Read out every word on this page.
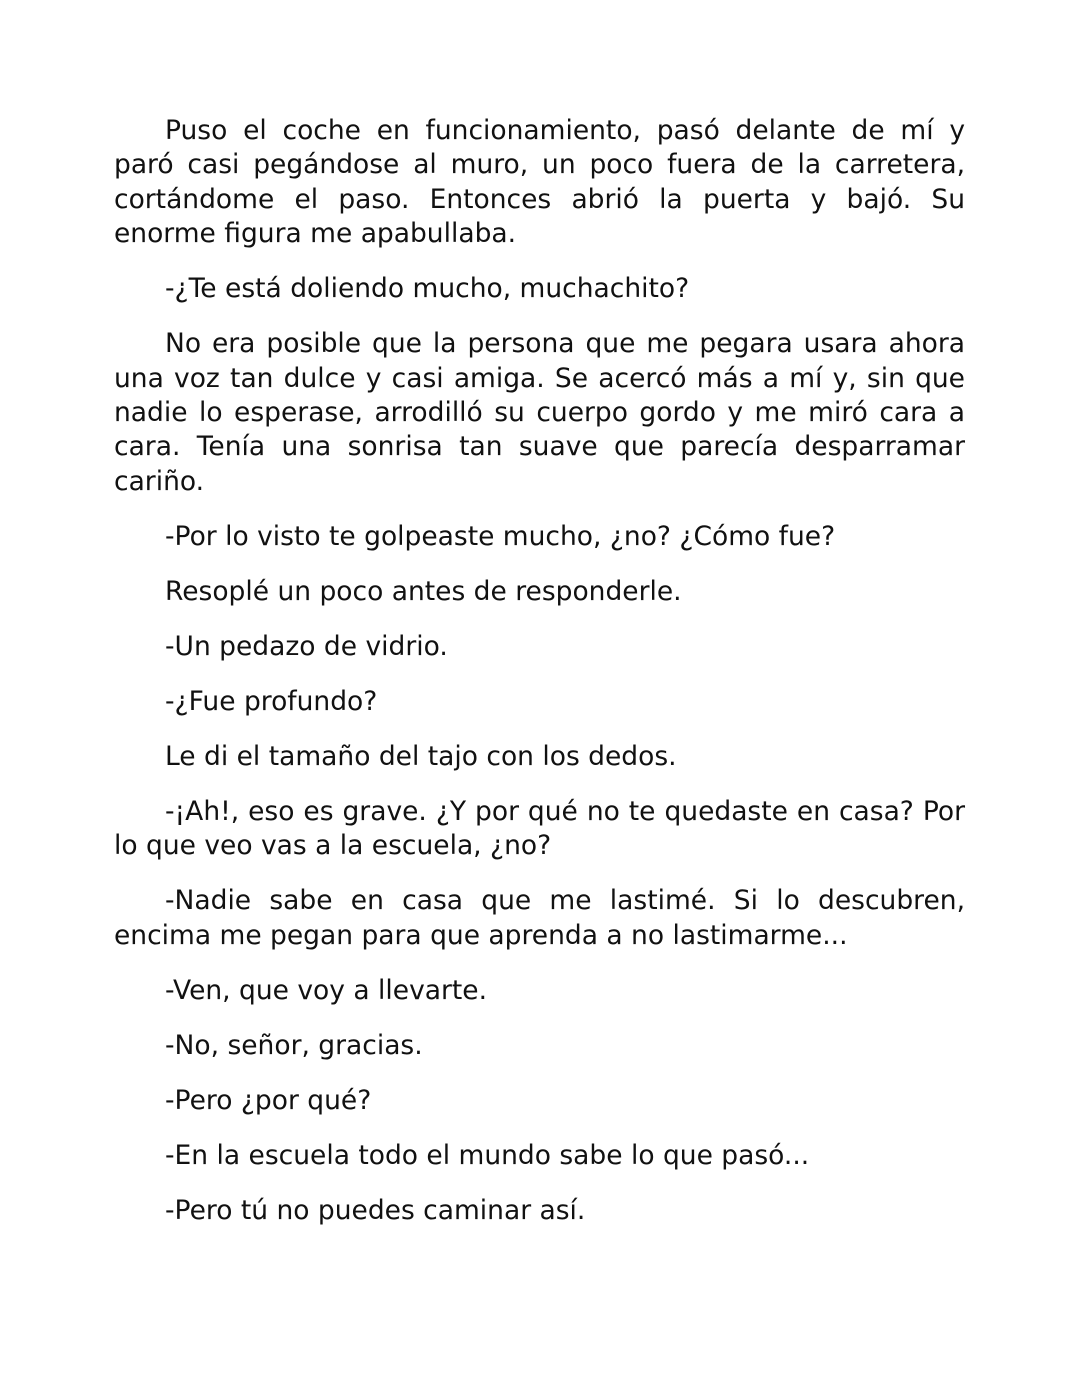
Puso el coche en funcionamiento, pasó delante de mí y paró casi pegándose al muro, un poco fuera de la carretera, cortándome el paso. Entonces abrió la puerta y bajó. Su enorme figura me apabullaba.

-¿Te está doliendo mucho, muchachito?

No era posible que la persona que me pegara usara ahora una voz tan dulce y casi amiga. Se acercó más a mí y, sin que nadie lo esperase, arrodilló su cuerpo gordo y me miró cara a cara. Tenía una sonrisa tan suave que parecía desparramar cariño.

-Por lo visto te golpeaste mucho, ¿no? ¿Cómo fue?

Resoplé un poco antes de responderle.

-Un pedazo de vidrio.

-¿Fue profundo?

Le di el tamaño del tajo con los dedos.

-¡Ah!, eso es grave. ¿Y por qué no te quedaste en casa? Por lo que veo vas a la escuela, ¿no?

-Nadie sabe en casa que me lastimé. Si lo descubren, encima me pegan para que aprenda a no lastimarme...

-Ven, que voy a llevarte.

-No, señor, gracias.

-Pero ¿por qué?

-En la escuela todo el mundo sabe lo que pasó...

-Pero tú no puedes caminar así.
